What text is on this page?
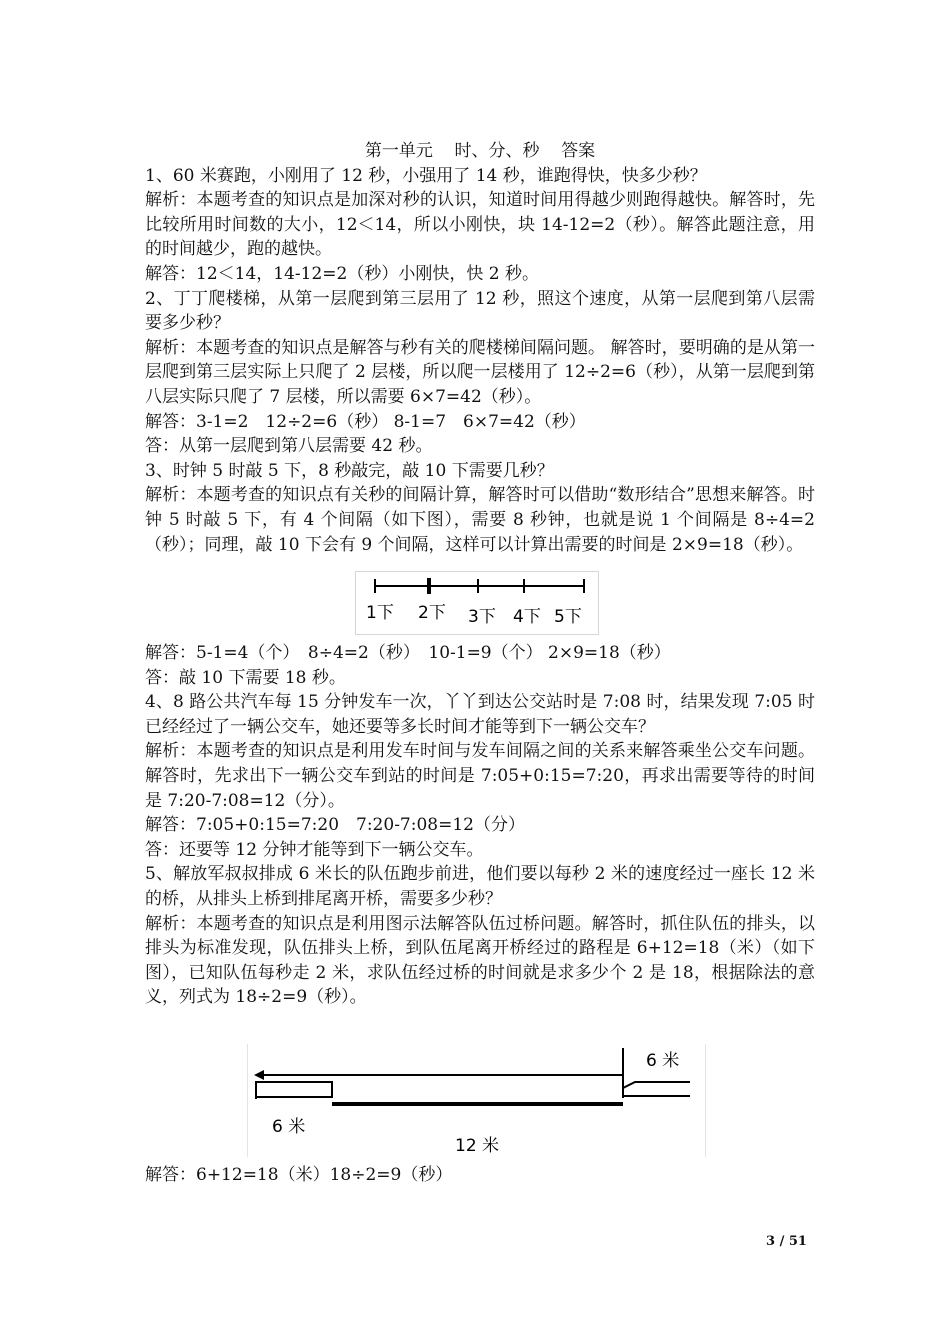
第一单元    时、分、秒    答案

1、60 米赛跑，小刚用了 12 秒，小强用了 14 秒，谁跑得快，快多少秒？

解析：本题考查的知识点是加深对秒的认识，知道时间用得越少则跑得越快。解答时，先比较所用时间数的大小，12＜14，所以小刚快，块 14-12=2（秒）。解答此题注意，用的时间越少，跑的越快。

解答：12＜14，14-12=2（秒）小刚快，快 2 秒。

2、丁丁爬楼梯，从第一层爬到第三层用了 12 秒，照这个速度，从第一层爬到第八层需要多少秒？

解析：本题考查的知识点是解答与秒有关的爬楼梯间隔问题。 解答时，要明确的是从第一层爬到第三层实际上只爬了 2 层楼，所以爬一层楼用了 12÷2=6（秒），从第一层爬到第八层实际只爬了 7 层楼，所以需要 6×7=42（秒）。

解答：3-1=2　12÷2=6（秒） 8-1=7　6×7=42（秒）

答：从第一层爬到第八层需要 42 秒。

3、时钟 5 时敲 5 下，8 秒敲完，敲 10 下需要几秒？

解析：本题考查的知识点有关秒的间隔计算，解答时可以借助“数形结合”思想来解答。时钟 5 时敲 5 下，有 4 个间隔（如下图），需要 8 秒钟，也就是说 1 个间隔是 8÷4=2（秒）；同理，敲 10 下会有 9 个间隔，这样可以计算出需要的时间是 2×9=18（秒）。

1下 2下 3下 4下 5下

解答：5-1=4（个）　8÷4=2（秒）　10-1=9（个） 2×9=18（秒）

答：敲 10 下需要 18 秒。

4、8 路公共汽车每 15 分钟发车一次，丫丫到达公交站时是 7:08 时，结果发现 7:05 时已经经过了一辆公交车，她还要等多长时间才能等到下一辆公交车？

解析：本题考查的知识点是利用发车时间与发车间隔之间的关系来解答乘坐公交车问题。解答时，先求出下一辆公交车到站的时间是 7:05+0:15=7:20，再求出需要等待的时间是 7:20-7:08=12（分）。

解答：7:05+0:15=7:20　7:20-7:08=12（分）

答：还要等 12 分钟才能等到下一辆公交车。

5、解放军叔叔排成 6 米长的队伍跑步前进，他们要以每秒 2 米的速度经过一座长 12 米的桥，从排头上桥到排尾离开桥，需要多少秒？

解析：本题考查的知识点是利用图示法解答队伍过桥问题。解答时，抓住队伍的排头，以排头为标准发现，队伍排头上桥，到队伍尾离开桥经过的路程是 6+12=18（米）（如下图），已知队伍每秒走 2 米，求队伍经过桥的时间就是求多少个 2 是 18，根据除法的意义，列式为 18÷2=9（秒）。

6 米
6 米
12 米

解答：6+12=18（米）18÷2=9（秒）

3 / 51
